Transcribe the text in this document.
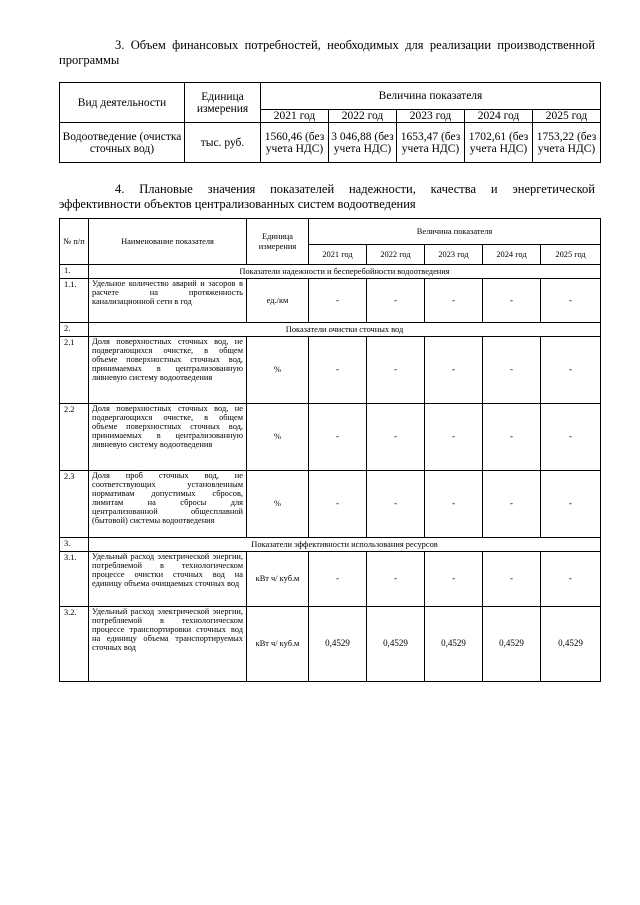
3. Объем финансовых потребностей, необходимых для реализации производственной программы
Вид деятельности	Единица измерения	Величина показателя				
		2021 год	2022 год	2023 год	2024 год	2025 год
Водоотведение (очистка сточных вод)	тыс. руб.	1560,46 (без учета НДС)	3 046,88 (без учета НДС)	1653,47 (без учета НДС)	1702,61 (без учета НДС)	1753,22 (без учета НДС)
4. Плановые значения показателей надежности, качества и энергетической эффективности объектов централизованных систем водоотведения
№ п/п	Наименование показателя	Единица измерения	Величина показателя				
			2021 год	2022 год	2023 год	2024 год	2025 год
1.	Показатели надежности и бесперебойности водоотведения						
1.1.	Удельное количество аварий и засоров в расчете на протяженность канализационной сети в год	ед./км	-	-	-	-	-
2.	Показатели очистки сточных вод						
2.1	Доля поверхностных сточных вод, не подвергающихся очистке, в общем объеме поверхностных сточных вод, принимаемых в централизованную ливневую систему водоотведения	%	-	-	-	-	-
2.2	Доля поверхностных сточных вод, не подвергающихся очистке, в общем объеме поверхностных сточных вод, принимаемых в централизованную ливневую систему водоотведения	%	-	-	-	-	-
2.3	Доля проб сточных вод, не соответствующих установленным нормативам допустимых сбросов, лимитам на сбросы для централизованной общесплавной (бытовой) системы водоотведения	%	-	-	-	-	-
3.	Показатели эффективности использования ресурсов						
3.1.	Удельный расход электрической энергии, потребляемой в технологическом процессе очистки сточных вод на единицу объема очищаемых сточных вод	кВт ч/ куб.м	-	-	-	-	-
3.2.	Удельный расход электрической энергии, потребляемой в технологическом процессе транспортировки сточных вод на единицу объема транспортируемых сточных вод	кВт ч/ куб.м	0,4529	0,4529	0,4529	0,4529	0,4529
